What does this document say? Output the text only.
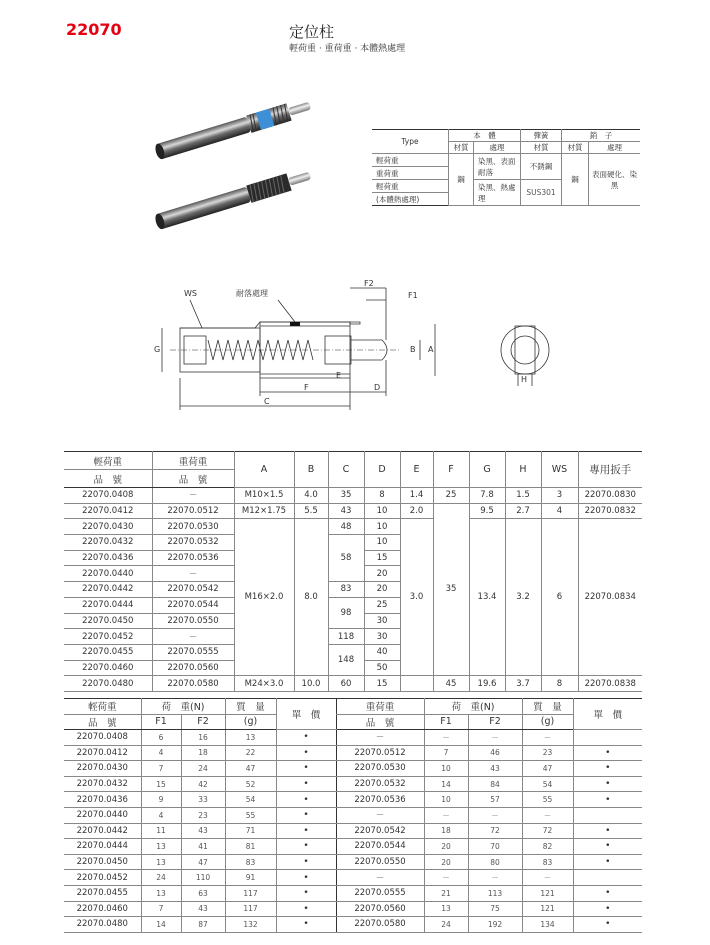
22070	定位柱
輕荷重 · 重荷重 · 本體熱處理
Type	本　體		彈簧	銷　子	
	材質	處理	材質	材質	處理
輕荷重	鋼	染黑、表面耐落	不銹鋼	鋼	表面硬化、染黑
重荷重					
輕荷重		染黑、熱處理	SUS301		
(本體熱處理)					
WS	耐落處理
F2
F1
G	B A
E
F	D
C
H
輕荷重	重荷重	A	B	C	D	E	F	G	H	WS	專用扳手
品　號	品　號										
22070.0408	－	M10×1.5	4.0	35	8	1.4	25	7.8	1.5	3	22070.0830
22070.0412	22070.0512	M12×1.75	5.5	43	10	2.0	35	9.5	2.7	4	22070.0832
22070.0430	22070.0530	M16×2.0	8.0	48	10	3.0		13.4	3.2	6	22070.0834
22070.0432	22070.0532			58	10						
22070.0436	22070.0536				15						
22070.0440	－				20						
22070.0442	22070.0542			83	20						
22070.0444	22070.0544			98	25						
22070.0450	22070.0550				30						
22070.0452	－			118	30						
22070.0455	22070.0555			148	40						
22070.0460	22070.0560				50						
22070.0480	22070.0580	M24×3.0	10.0	60	15		45	19.6	3.7	8	22070.0838
輕荷重	荷　重(N)		質　量	單　價	重荷重	荷　重(N)		質　量	單　價
品　號	F1	F2	(g)		品　號	F1	F2	(g)	
22070.0408	6	16	13	•	－	－	－	－	
22070.0412	4	18	22	•	22070.0512	7	46	23	•
22070.0430	7	24	47	•	22070.0530	10	43	47	•
22070.0432	15	42	52	•	22070.0532	14	84	54	•
22070.0436	9	33	54	•	22070.0536	10	57	55	•
22070.0440	4	23	55	•	－	－	－	－	
22070.0442	11	43	71	•	22070.0542	18	72	72	•
22070.0444	13	41	81	•	22070.0544	20	70	82	•
22070.0450	13	47	83	•	22070.0550	20	80	83	•
22070.0452	24	110	91	•	－	－	－	－	
22070.0455	13	63	117	•	22070.0555	21	113	121	•
22070.0460	7	43	117	•	22070.0560	13	75	121	•
22070.0480	14	87	132	•	22070.0580	24	192	134	•
